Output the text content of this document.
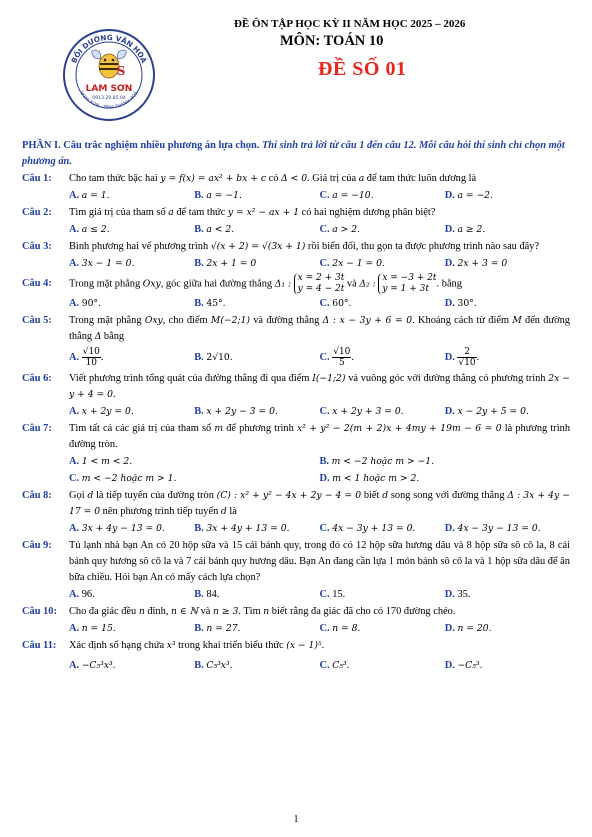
BỒI DƯỠNG VĂN HOÁ
NGHI SƠN - TỈNH THANH HOÁ
S
LAM SƠN
0913.29.85.04
ĐỀ ÔN TẬP HỌC KỲ II NĂM HỌC 2025 – 2026
MÔN: TOÁN 10
ĐỀ SỐ 01
PHẦN I. Câu trắc nghiệm nhiều phương án lựa chọn. Thí sinh trả lời từ câu 1 đến câu 12. Mỗi câu hỏi thí sinh chỉ chọn một phương án.
Câu 1:	Cho tam thức bậc hai y = f(x) = ax² + bx + c có Δ < 0. Giá trị của a để tam thức luôn dương là
A. a = 1.	B. a = −1.	C. a = −10.	D. a = −2.
Câu 2:	Tìm giá trị của tham số a để tam thức y = x² − ax + 1 có hai nghiệm dương phân biệt?
A. a ≤ 2.	B. a < 2.	C. a > 2.	D. a ≥ 2.
Câu 3:	Bình phương hai vế phương trình √(x + 2) = √(3x + 1) rồi biến đổi, thu gọn ta được phương trình nào sau đây?
A. 3x − 1 = 0.	B. 2x + 1 = 0	C. 2x − 1 = 0.	D. 2x + 3 = 0
Câu 4:	Trong mặt phẳng Oxy, góc giữa hai đường thẳng Δ₁ : x = 2 + 3t
y = 4 − 2t và Δ₂ : x = −3 + 2t
y = 1 + 3t . bằng
A. 90°.	B. 45°.	C. 60°.	D. 30°.
Câu 5:	Trong mặt phẳng Oxy, cho điểm M(−2;1) và đường thẳng Δ : x − 3y + 6 = 0. Khoảng cách từ điểm M đến đường thẳng Δ bằng
A. $\frac{√10}{10}$ .	B. 2√10.	C. $\frac{√10}{5}$ .	D. $\frac{2}{√10}$ .
Câu 6:	Viết phương trình tổng quát của đường thẳng đi qua điểm I(−1;2) và vuông góc với đường thẳng có phương trình 2x − y + 4 = 0.
A. x + 2y = 0.	B. x + 2y − 3 = 0.	C. x + 2y + 3 = 0.	D. x − 2y + 5 = 0.
Câu 7:	Tìm tất cả các giá trị của tham số m để phương trình x² + y² − 2(m + 2)x + 4my + 19m − 6 = 0 là phương trình đường tròn.
A. 1 < m < 2.	B. m < −2 hoặc m > −1.
C. m < −2 hoặc m > 1.	D. m < 1 hoặc m > 2.
Câu 8:	Gọi d là tiếp tuyến của đường tròn (C) : x² + y² − 4x + 2y − 4 = 0 biết d song song với đường thẳng Δ : 3x + 4y − 17 = 0 nên phương trình tiếp tuyến d là
A. 3x + 4y − 13 = 0.	B. 3x + 4y + 13 = 0.	C. 4x − 3y + 13 = 0.	D. 4x − 3y − 13 = 0.
Câu 9:	Tủ lạnh nhà bạn An có 20 hộp sữa và 15 cái bánh quy, trong đó có 12 hộp sữa hương dâu và 8 hộp sữa sô cô la, 8 cái bánh quy hương sô cô la và 7 cái bánh quy hương dâu. Bạn An đang cần lựa 1 món bánh sô cô la và 1 hộp sữa dâu để ăn bữa chiều. Hỏi bạn An có mấy cách lựa chọn?
A. 96.	B. 84.	C. 15.	D. 35.
Câu 10:	Cho đa giác đều n đỉnh, n ∈ ℕ và n ≥ 3. Tìm n biết rằng đa giác đã cho có 170 đường chéo.
A. n = 15.	B. n = 27.	C. n = 8.	D. n = 20.
Câu 11:	Xác định số hạng chứa x³ trong khai triển biểu thức (x − 1)⁵.
A. −C₅³x³.	B. C₅³x³.	C. C₅³.	D. −C₅³.
1
